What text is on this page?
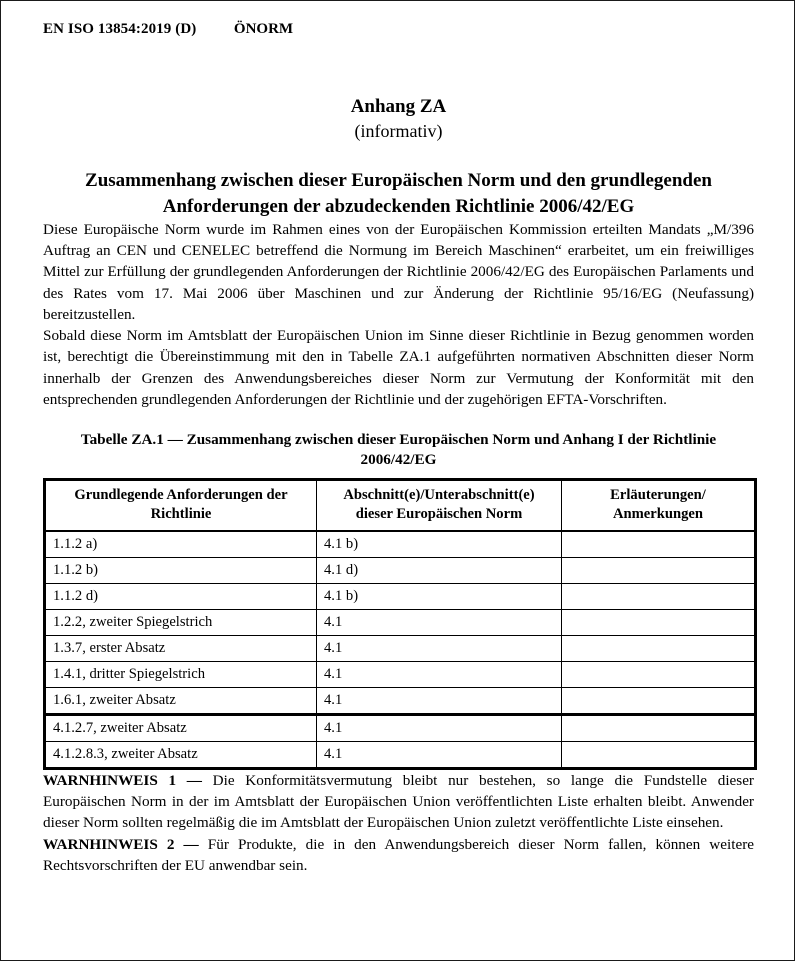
EN ISO 13854:2019 (D)	ÖNORM
Anhang ZA
(informativ)
Zusammenhang zwischen dieser Europäischen Norm und den grundlegenden Anforderungen der abzudeckenden Richtlinie 2006/42/EG

Diese Europäische Norm wurde im Rahmen eines von der Europäischen Kommission erteilten Mandats „M/396 Auftrag an CEN und CENELEC betreffend die Normung im Bereich Maschinen“ erarbeitet, um ein freiwilliges Mittel zur Erfüllung der grundlegenden Anforderungen der Richtlinie 2006/42/EG des Europäischen Parlaments und des Rates vom 17. Mai 2006 über Maschinen und zur Änderung der Richtlinie 95/16/EG (Neufassung) bereitzustellen.

Sobald diese Norm im Amtsblatt der Europäischen Union im Sinne dieser Richtlinie in Bezug genommen worden ist, berechtigt die Übereinstimmung mit den in Tabelle ZA.1 aufgeführten normativen Abschnitten dieser Norm innerhalb der Grenzen des Anwendungsbereiches dieser Norm zur Vermutung der Konformität mit den entsprechenden grundlegenden Anforderungen der Richtlinie und der zugehörigen EFTA-Vorschriften.

Tabelle ZA.1 — Zusammenhang zwischen dieser Europäischen Norm und Anhang I der Richtlinie 2006/42/EG
Grundlegende Anforderungen der Richtlinie	Abschnitt(e)/Unterabschnitt(e) dieser Europäischen Norm	Erläuterungen/ Anmerkungen
1.1.2 a)	4.1 b)	
1.1.2 b)	4.1 d)	
1.1.2 d)	4.1 b)	
1.2.2, zweiter Spiegelstrich	4.1	
1.3.7, erster Absatz	4.1	
1.4.1, dritter Spiegelstrich	4.1	
1.6.1, zweiter Absatz	4.1	
4.1.2.7, zweiter Absatz	4.1	
4.1.2.8.3, zweiter Absatz	4.1	

WARNHINWEIS 1 — Die Konformitätsvermutung bleibt nur bestehen, so lange die Fundstelle dieser Europäischen Norm in der im Amtsblatt der Europäischen Union veröffentlichten Liste erhalten bleibt. Anwender dieser Norm sollten regelmäßig die im Amtsblatt der Europäischen Union zuletzt veröffentlichte Liste einsehen.

WARNHINWEIS 2 — Für Produkte, die in den Anwendungsbereich dieser Norm fallen, können weitere Rechtsvorschriften der EU anwendbar sein.
